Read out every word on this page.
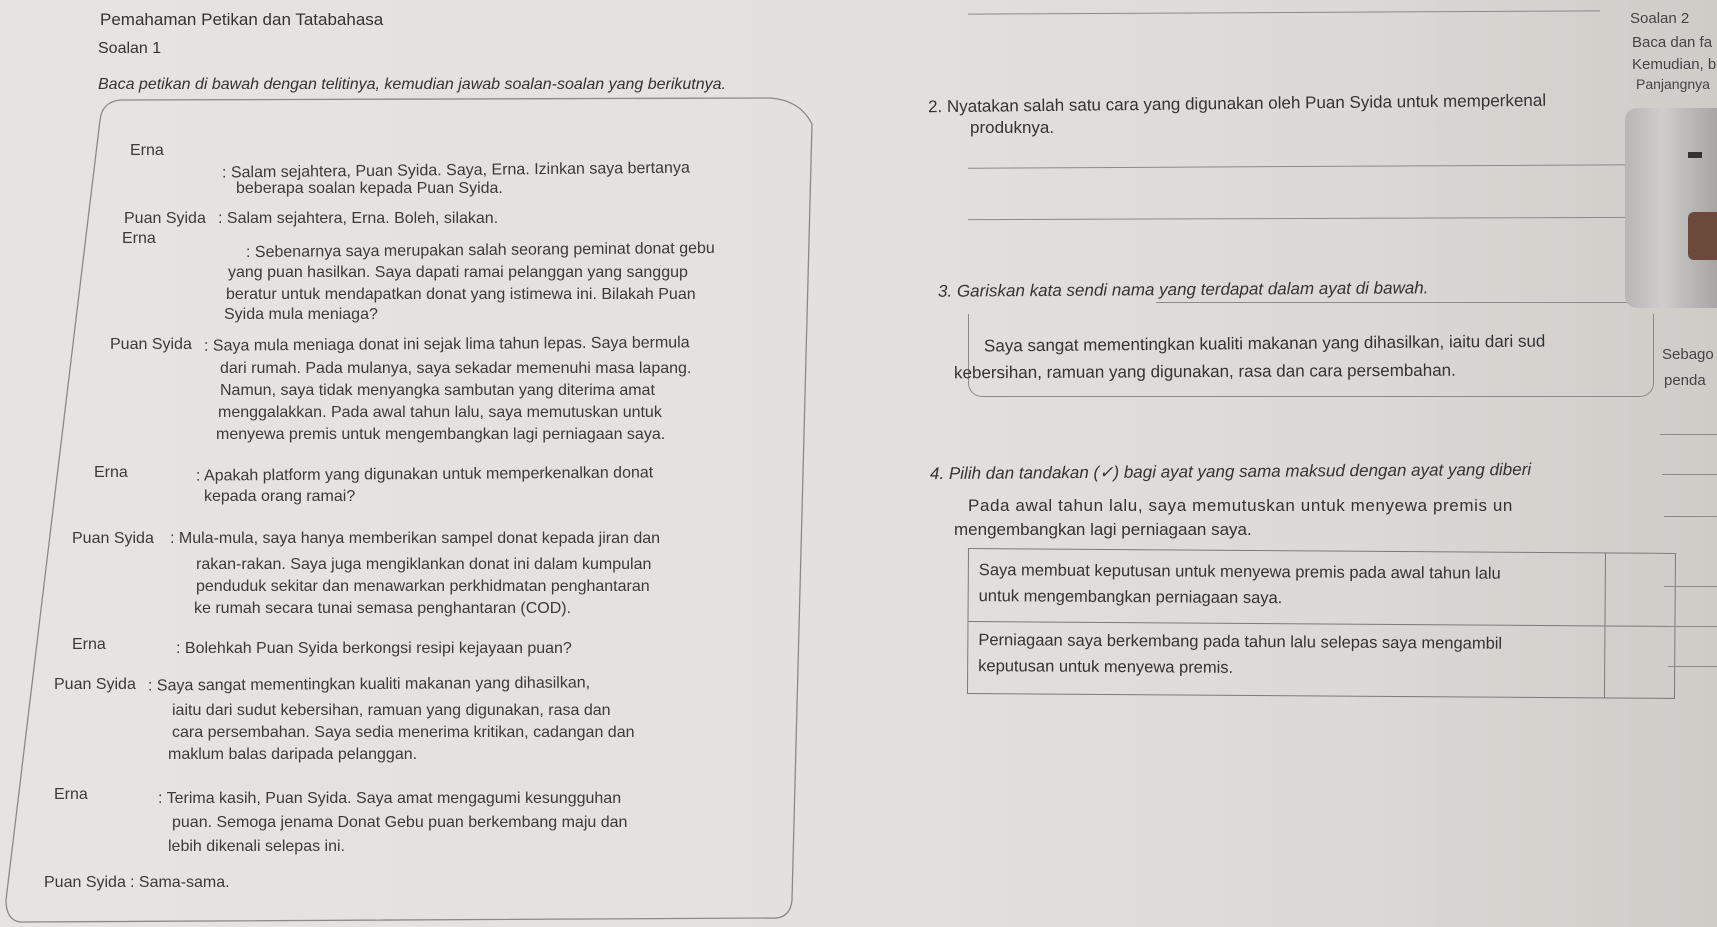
Pemahaman Petikan dan Tatabahasa
Soalan 1
Baca petikan di bawah dengan telitinya, kemudian jawab soalan-soalan yang berikutnya.
Erna
: Salam sejahtera, Puan Syida. Saya, Erna. Izinkan saya bertanya
beberapa soalan kepada Puan Syida.
Puan Syida : Salam sejahtera, Erna. Boleh, silakan.
Erna
: Sebenarnya saya merupakan salah seorang peminat donat gebu
yang puan hasilkan. Saya dapati ramai pelanggan yang sanggup
beratur untuk mendapatkan donat yang istimewa ini. Bilakah Puan
Syida mula meniaga?
Puan Syida : Saya mula meniaga donat ini sejak lima tahun lepas. Saya bermula
dari rumah. Pada mulanya, saya sekadar memenuhi masa lapang.
Namun, saya tidak menyangka sambutan yang diterima amat
menggalakkan. Pada awal tahun lalu, saya memutuskan untuk
menyewa premis untuk mengembangkan lagi perniagaan saya.
Erna	: Apakah platform yang digunakan untuk memperkenalkan donat
kepada orang ramai?
Puan Syida : Mula-mula, saya hanya memberikan sampel donat kepada jiran dan
rakan-rakan. Saya juga mengiklankan donat ini dalam kumpulan
penduduk sekitar dan menawarkan perkhidmatan penghantaran
ke rumah secara tunai semasa penghantaran (COD).
Erna	: Bolehkah Puan Syida berkongsi resipi kejayaan puan?
Puan Syida : Saya sangat mementingkan kualiti makanan yang dihasilkan,
iaitu dari sudut kebersihan, ramuan yang digunakan, rasa dan
cara persembahan. Saya sedia menerima kritikan, cadangan dan
maklum balas daripada pelanggan.
Erna	: Terima kasih, Puan Syida. Saya amat mengagumi kesungguhan
puan. Semoga jenama Donat Gebu puan berkembang maju dan
lebih dikenali selepas ini.
Puan Syida : Sama-sama.
2. Nyatakan salah satu cara yang digunakan oleh Puan Syida untuk memperkenal
produknya.
3. Gariskan kata sendi nama yang terdapat dalam ayat di bawah.
Saya sangat mementingkan kualiti makanan yang dihasilkan, iaitu dari sud
kebersihan, ramuan yang digunakan, rasa dan cara persembahan.
4. Pilih dan tandakan (✓) bagi ayat yang sama maksud dengan ayat yang diberi
Pada awal tahun lalu, saya memutuskan untuk menyewa premis un
mengembangkan lagi perniagaan saya.
Saya membuat keputusan untuk menyewa premis pada awal tahun lalu
untuk mengembangkan perniagaan saya.
Perniagaan saya berkembang pada tahun lalu selepas saya mengambil
keputusan untuk menyewa premis.
Soalan 2
Baca dan fa
Kemudian, b
Panjangnya
Sebago
penda
